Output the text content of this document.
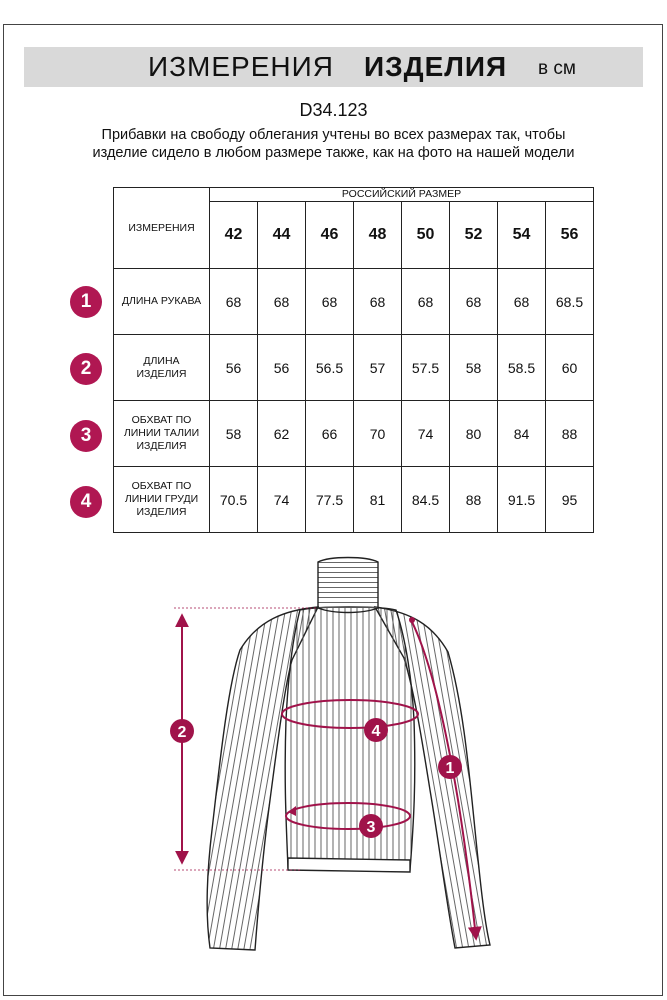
ИЗМЕРЕНИЯ ИЗДЕЛИЯ в см
D34.123
Прибавки на свободу облегания учтены во всех размерах так, чтобы изделие сидело в любом размере также, как на фото на нашей модели
ИЗМЕРЕНИЯ	РОССИЙСКИЙ РАЗМЕР							
	42	44	46	48	50	52	54	56
ДЛИНА РУКАВА	68	68	68	68	68	68	68	68.5
ДЛИНА ИЗДЕЛИЯ	56	56	56.5	57	57.5	58	58.5	60
ОБХВАТ ПО ЛИНИИ ТАЛИИ ИЗДЕЛИЯ	58	62	66	70	74	80	84	88
ОБХВАТ ПО ЛИНИИ ГРУДИ ИЗДЕЛИЯ	70.5	74	77.5	81	84.5	88	91.5	95
1
2
3
4
2	4
3
1
